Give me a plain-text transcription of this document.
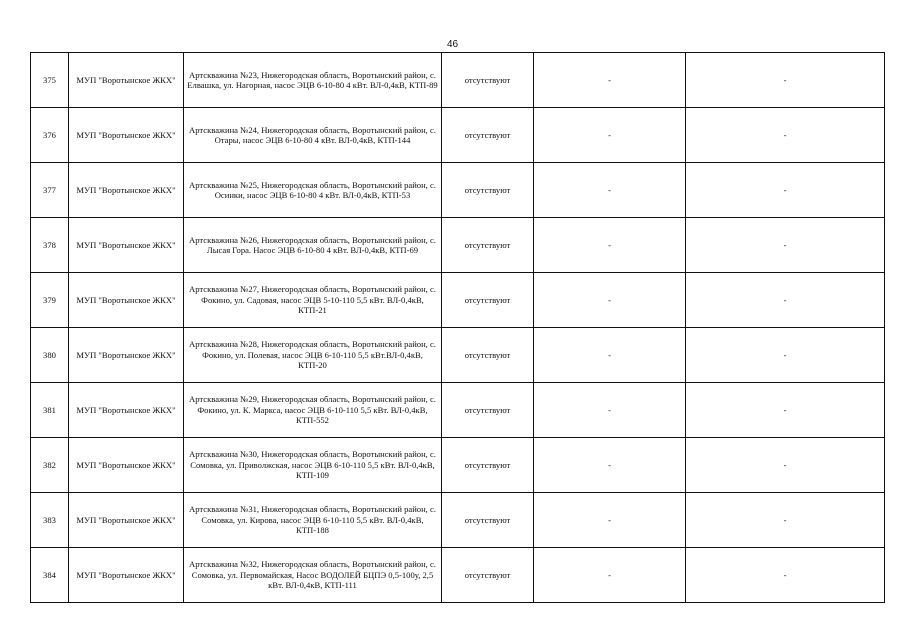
46
375	МУП "Воротынское ЖКХ"	Артскважина №23, Нижегородская область, Воротынский район, с. Елвашка, ул. Нагорная, насос ЭЦВ 6-10-80 4 кВт. ВЛ-0,4кВ, КТП-89	отсутствуют	-	-
376	МУП "Воротынское ЖКХ"	Артскважина №24, Нижегородская область, Воротынский район, с. Отары, насос ЭЦВ 6-10-80 4 кВт. ВЛ-0,4кВ, КТП-144	отсутствуют	-	-
377	МУП "Воротынское ЖКХ"	Артскважина №25, Нижегородская область, Воротынский район, с. Осинки, насос ЭЦВ 6-10-80 4 кВт. ВЛ-0,4кВ, КТП-53	отсутствуют	-	-
378	МУП "Воротынское ЖКХ"	Артскважина №26, Нижегородская область, Воротынский район, с. Лысая Гора. Насос ЭЦВ 6-10-80 4 кВт. ВЛ-0,4кВ, КТП-69	отсутствуют	-	-
379	МУП "Воротынское ЖКХ"	Артскважина №27, Нижегородская область, Воротынский район, с. Фокино, ул. Садовая, насос ЭЦВ 5-10-110 5,5 кВт. ВЛ-0,4кВ, КТП-21	отсутствуют	-	-
380	МУП "Воротынское ЖКХ"	Артскважина №28, Нижегородская область, Воротынский район, с. Фокино, ул. Полевая, насос ЭЦВ 6-10-110 5,5 кВт.ВЛ-0,4кВ, КТП-20	отсутствуют	-	-
381	МУП "Воротынское ЖКХ"	Артскважина №29, Нижегородская область, Воротынский район, с. Фокино, ул. К. Маркса, насос ЭЦВ 6-10-110 5,5 кВт. ВЛ-0,4кВ, КТП-552	отсутствуют	-	-
382	МУП "Воротынское ЖКХ"	Артскважина №30, Нижегородская область, Воротынский район, с. Сомовка, ул. Приволжская, насос ЭЦВ 6-10-110 5,5 кВт. ВЛ-0,4кВ, КТП-109	отсутствуют	-	-
383	МУП "Воротынское ЖКХ"	Артскважина №31, Нижегородская область, Воротынский район, с. Сомовка, ул. Кирова, насос ЭЦВ 6-10-110 5,5 кВт. ВЛ-0,4кВ, КТП-188	отсутствуют	-	-
384	МУП "Воротынское ЖКХ"	Артскважина №32, Нижегородская область, Воротынский район, с. Сомовка, ул. Первомайская, Насос ВОДОЛЕЙ БЦПЭ 0,5-100у, 2,5 кВт. ВЛ-0,4кВ, КТП-111	отсутствуют	-	-
